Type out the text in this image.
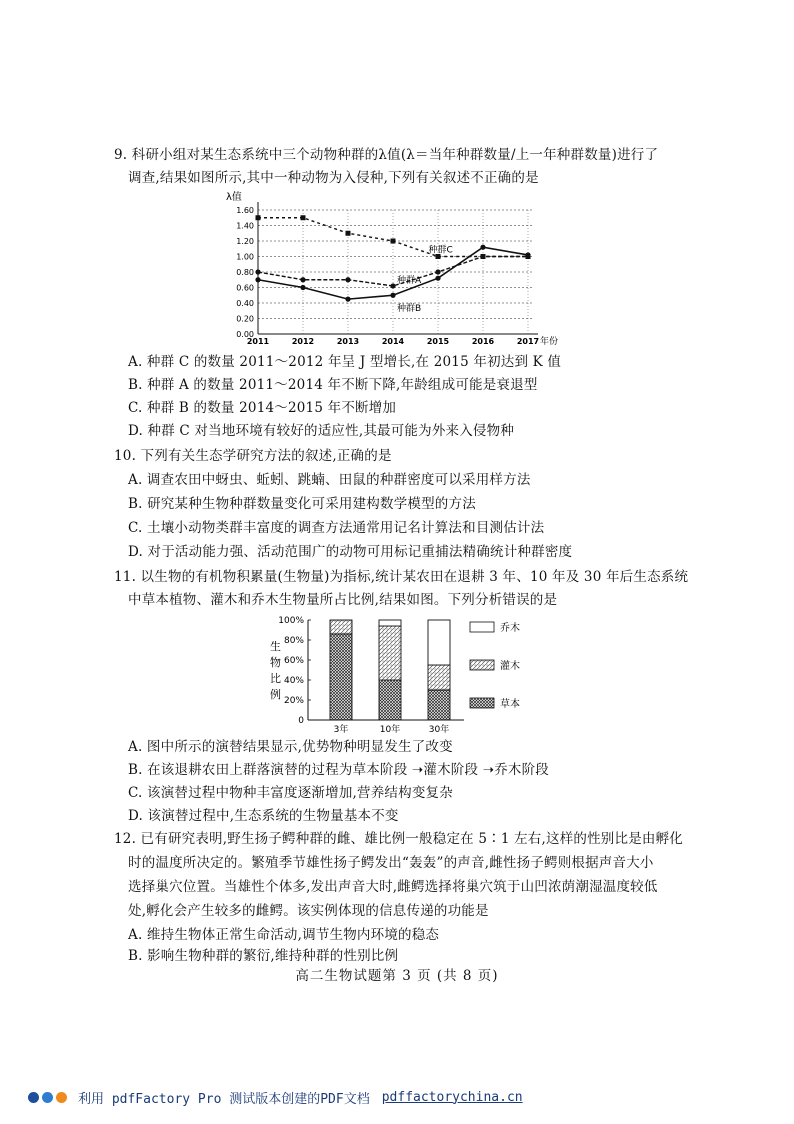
9. 科研小组对某生态系统中三个动物种群的λ值(λ＝当年种群数量/上一年种群数量)进行了
调查,结果如图所示,其中一种动物为入侵种,下列有关叙述不正确的是
λ值
0.00
0.20
0.40
0.60
0.80
1.00
1.20
1.40
1.60
2011	2012	2013	2014	2015	2016	2017 年份
种群A
种群B
种群C
A. 种群 C 的数量 2011～2012 年呈 J 型增长,在 2015 年初达到 K 值
B. 种群 A 的数量 2011～2014 年不断下降,年龄组成可能是衰退型
C. 种群 B 的数量 2014～2015 年不断增加
D. 种群 C 对当地环境有较好的适应性,其最可能为外来入侵物种
10. 下列有关生态学研究方法的叙述,正确的是
A. 调查农田中蚜虫、蚯蚓、跳蝻、田鼠的种群密度可以采用样方法
B. 研究某种生物种群数量变化可采用建构数学模型的方法
C. 土壤小动物类群丰富度的调查方法通常用记名计算法和目测估计法
D. 对于活动能力强、活动范围广的动物可用标记重捕法精确统计种群密度
11. 以生物的有机物积累量(生物量)为指标,统计某农田在退耕 3 年、10 年及 30 年后生态系统
中草本植物、灌木和乔木生物量所占比例,结果如图。下列分析错误的是
生
物
比
例
0
20%
40%
60%
80%
100%
3年	10年	30年
乔木
灌木
草本
A. 图中所示的演替结果显示,优势物种明显发生了改变
B. 在该退耕农田上群落演替的过程为草本阶段 ➝灌木阶段 ➝乔木阶段
C. 该演替过程中物种丰富度逐渐增加,营养结构变复杂
D. 该演替过程中,生态系统的生物量基本不变
12. 已有研究表明,野生扬子鳄种群的雌、雄比例一般稳定在 5∶1 左右,这样的性别比是由孵化
时的温度所决定的。繁殖季节雄性扬子鳄发出“轰轰”的声音,雌性扬子鳄则根据声音大小
选择巢穴位置。当雄性个体多,发出声音大时,雌鳄选择将巢穴筑于山凹浓荫潮湿温度较低
处,孵化会产生较多的雌鳄。该实例体现的信息传递的功能是
A. 维持生物体正常生命活动,调节生物内环境的稳态
B. 影响生物种群的繁衍,维持种群的性别比例
高二生物试题第 3 页 (共 8 页)
利用 pdfFactory Pro 测试版本创建的PDF文档 pdffactorychina.cn
